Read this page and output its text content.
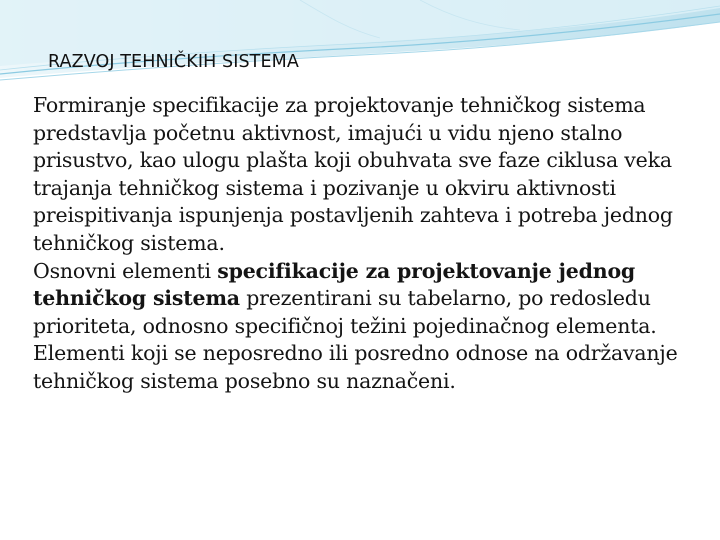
RAZVOJ TEHNIČKIH SISTEMA

Formiranje specifikacije za projektovanje tehničkog sistema predstavlja početnu aktivnost, imajući u vidu njeno stalno prisustvo, kao ulogu plašta koji obuhvata sve faze ciklusa veka trajanja tehničkog sistema i pozivanje u okviru aktivnosti preispitivanja ispunjenja postavljenih zahteva i potreba jednog tehničkog sistema.

Osnovni elementi specifikacije za projektovanje jednog tehničkog sistema prezentirani su tabelarno, po redosledu prioriteta, odnosno specifičnoj težini pojedinačnog elementa.

Elementi koji se neposredno ili posredno odnose na održavanje tehničkog sistema posebno su naznačeni.
